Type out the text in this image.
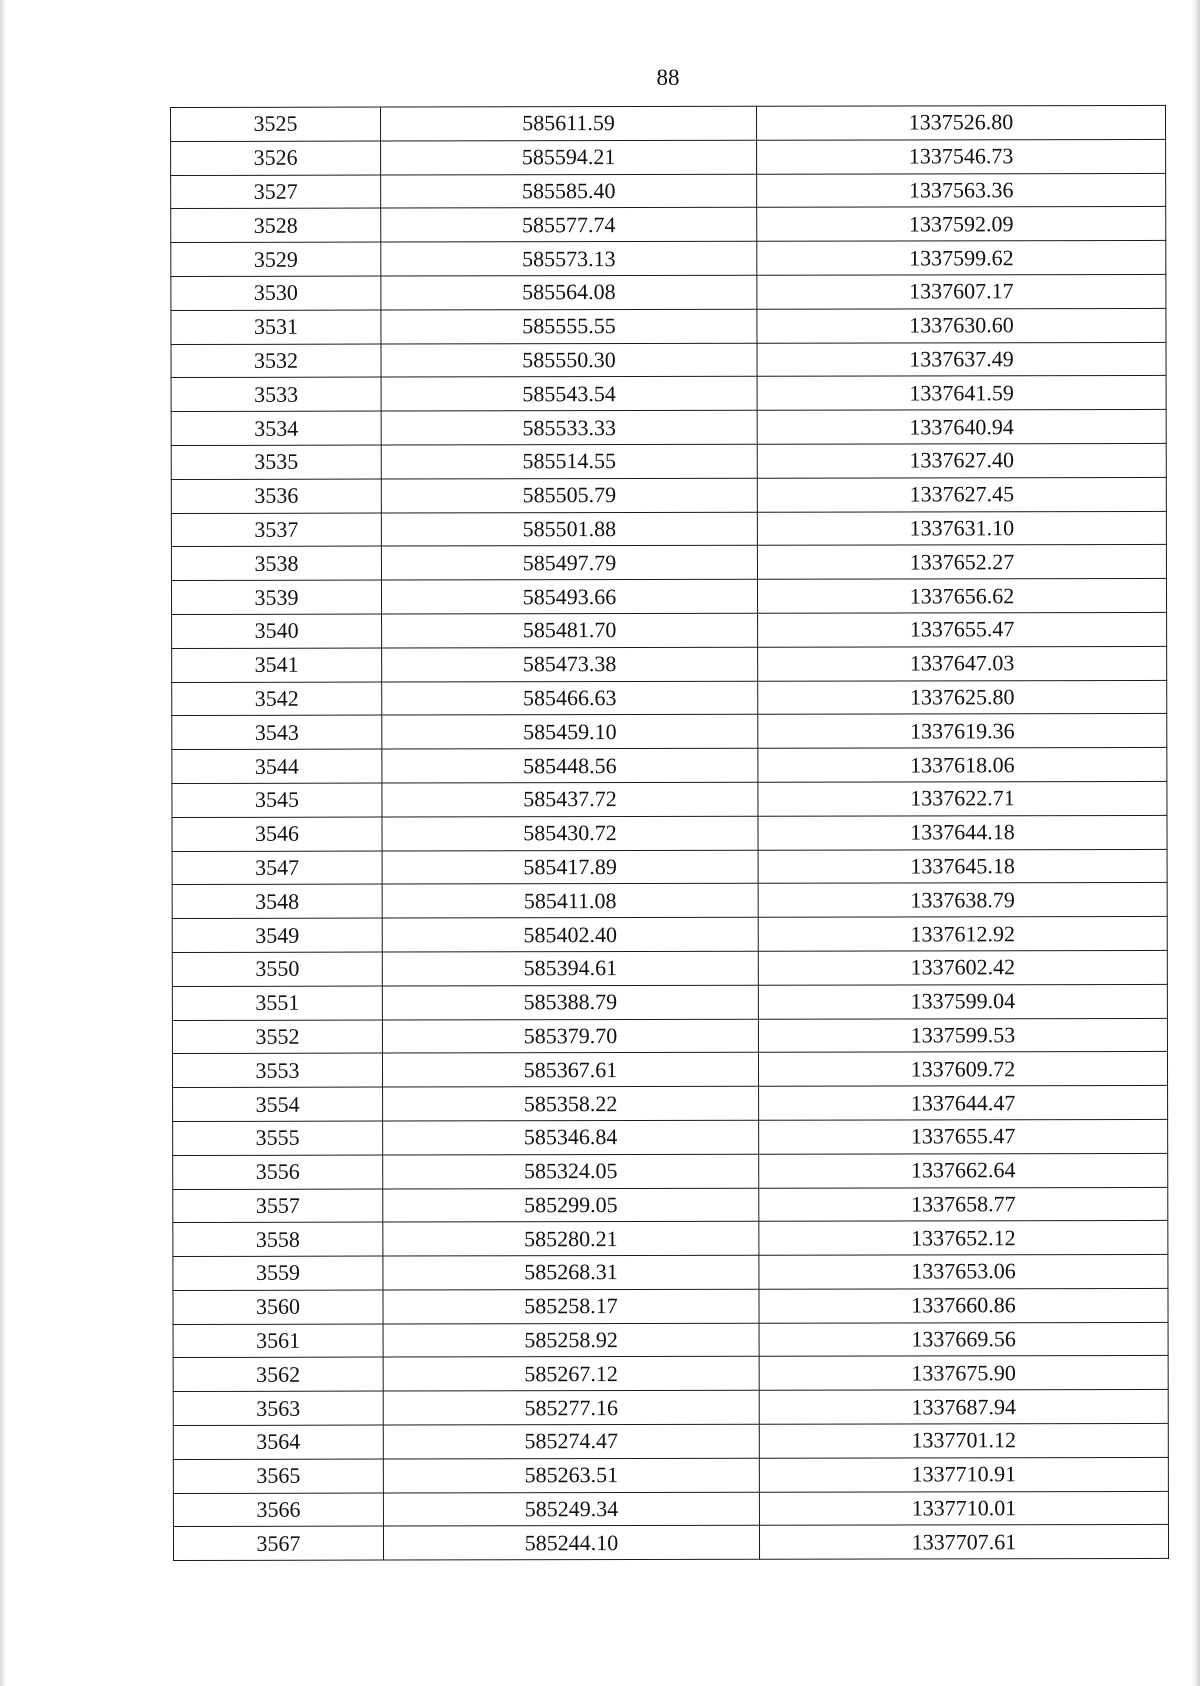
88
3525	585611.59	1337526.80
3526	585594.21	1337546.73
3527	585585.40	1337563.36
3528	585577.74	1337592.09
3529	585573.13	1337599.62
3530	585564.08	1337607.17
3531	585555.55	1337630.60
3532	585550.30	1337637.49
3533	585543.54	1337641.59
3534	585533.33	1337640.94
3535	585514.55	1337627.40
3536	585505.79	1337627.45
3537	585501.88	1337631.10
3538	585497.79	1337652.27
3539	585493.66	1337656.62
3540	585481.70	1337655.47
3541	585473.38	1337647.03
3542	585466.63	1337625.80
3543	585459.10	1337619.36
3544	585448.56	1337618.06
3545	585437.72	1337622.71
3546	585430.72	1337644.18
3547	585417.89	1337645.18
3548	585411.08	1337638.79
3549	585402.40	1337612.92
3550	585394.61	1337602.42
3551	585388.79	1337599.04
3552	585379.70	1337599.53
3553	585367.61	1337609.72
3554	585358.22	1337644.47
3555	585346.84	1337655.47
3556	585324.05	1337662.64
3557	585299.05	1337658.77
3558	585280.21	1337652.12
3559	585268.31	1337653.06
3560	585258.17	1337660.86
3561	585258.92	1337669.56
3562	585267.12	1337675.90
3563	585277.16	1337687.94
3564	585274.47	1337701.12
3565	585263.51	1337710.91
3566	585249.34	1337710.01
3567	585244.10	1337707.61
